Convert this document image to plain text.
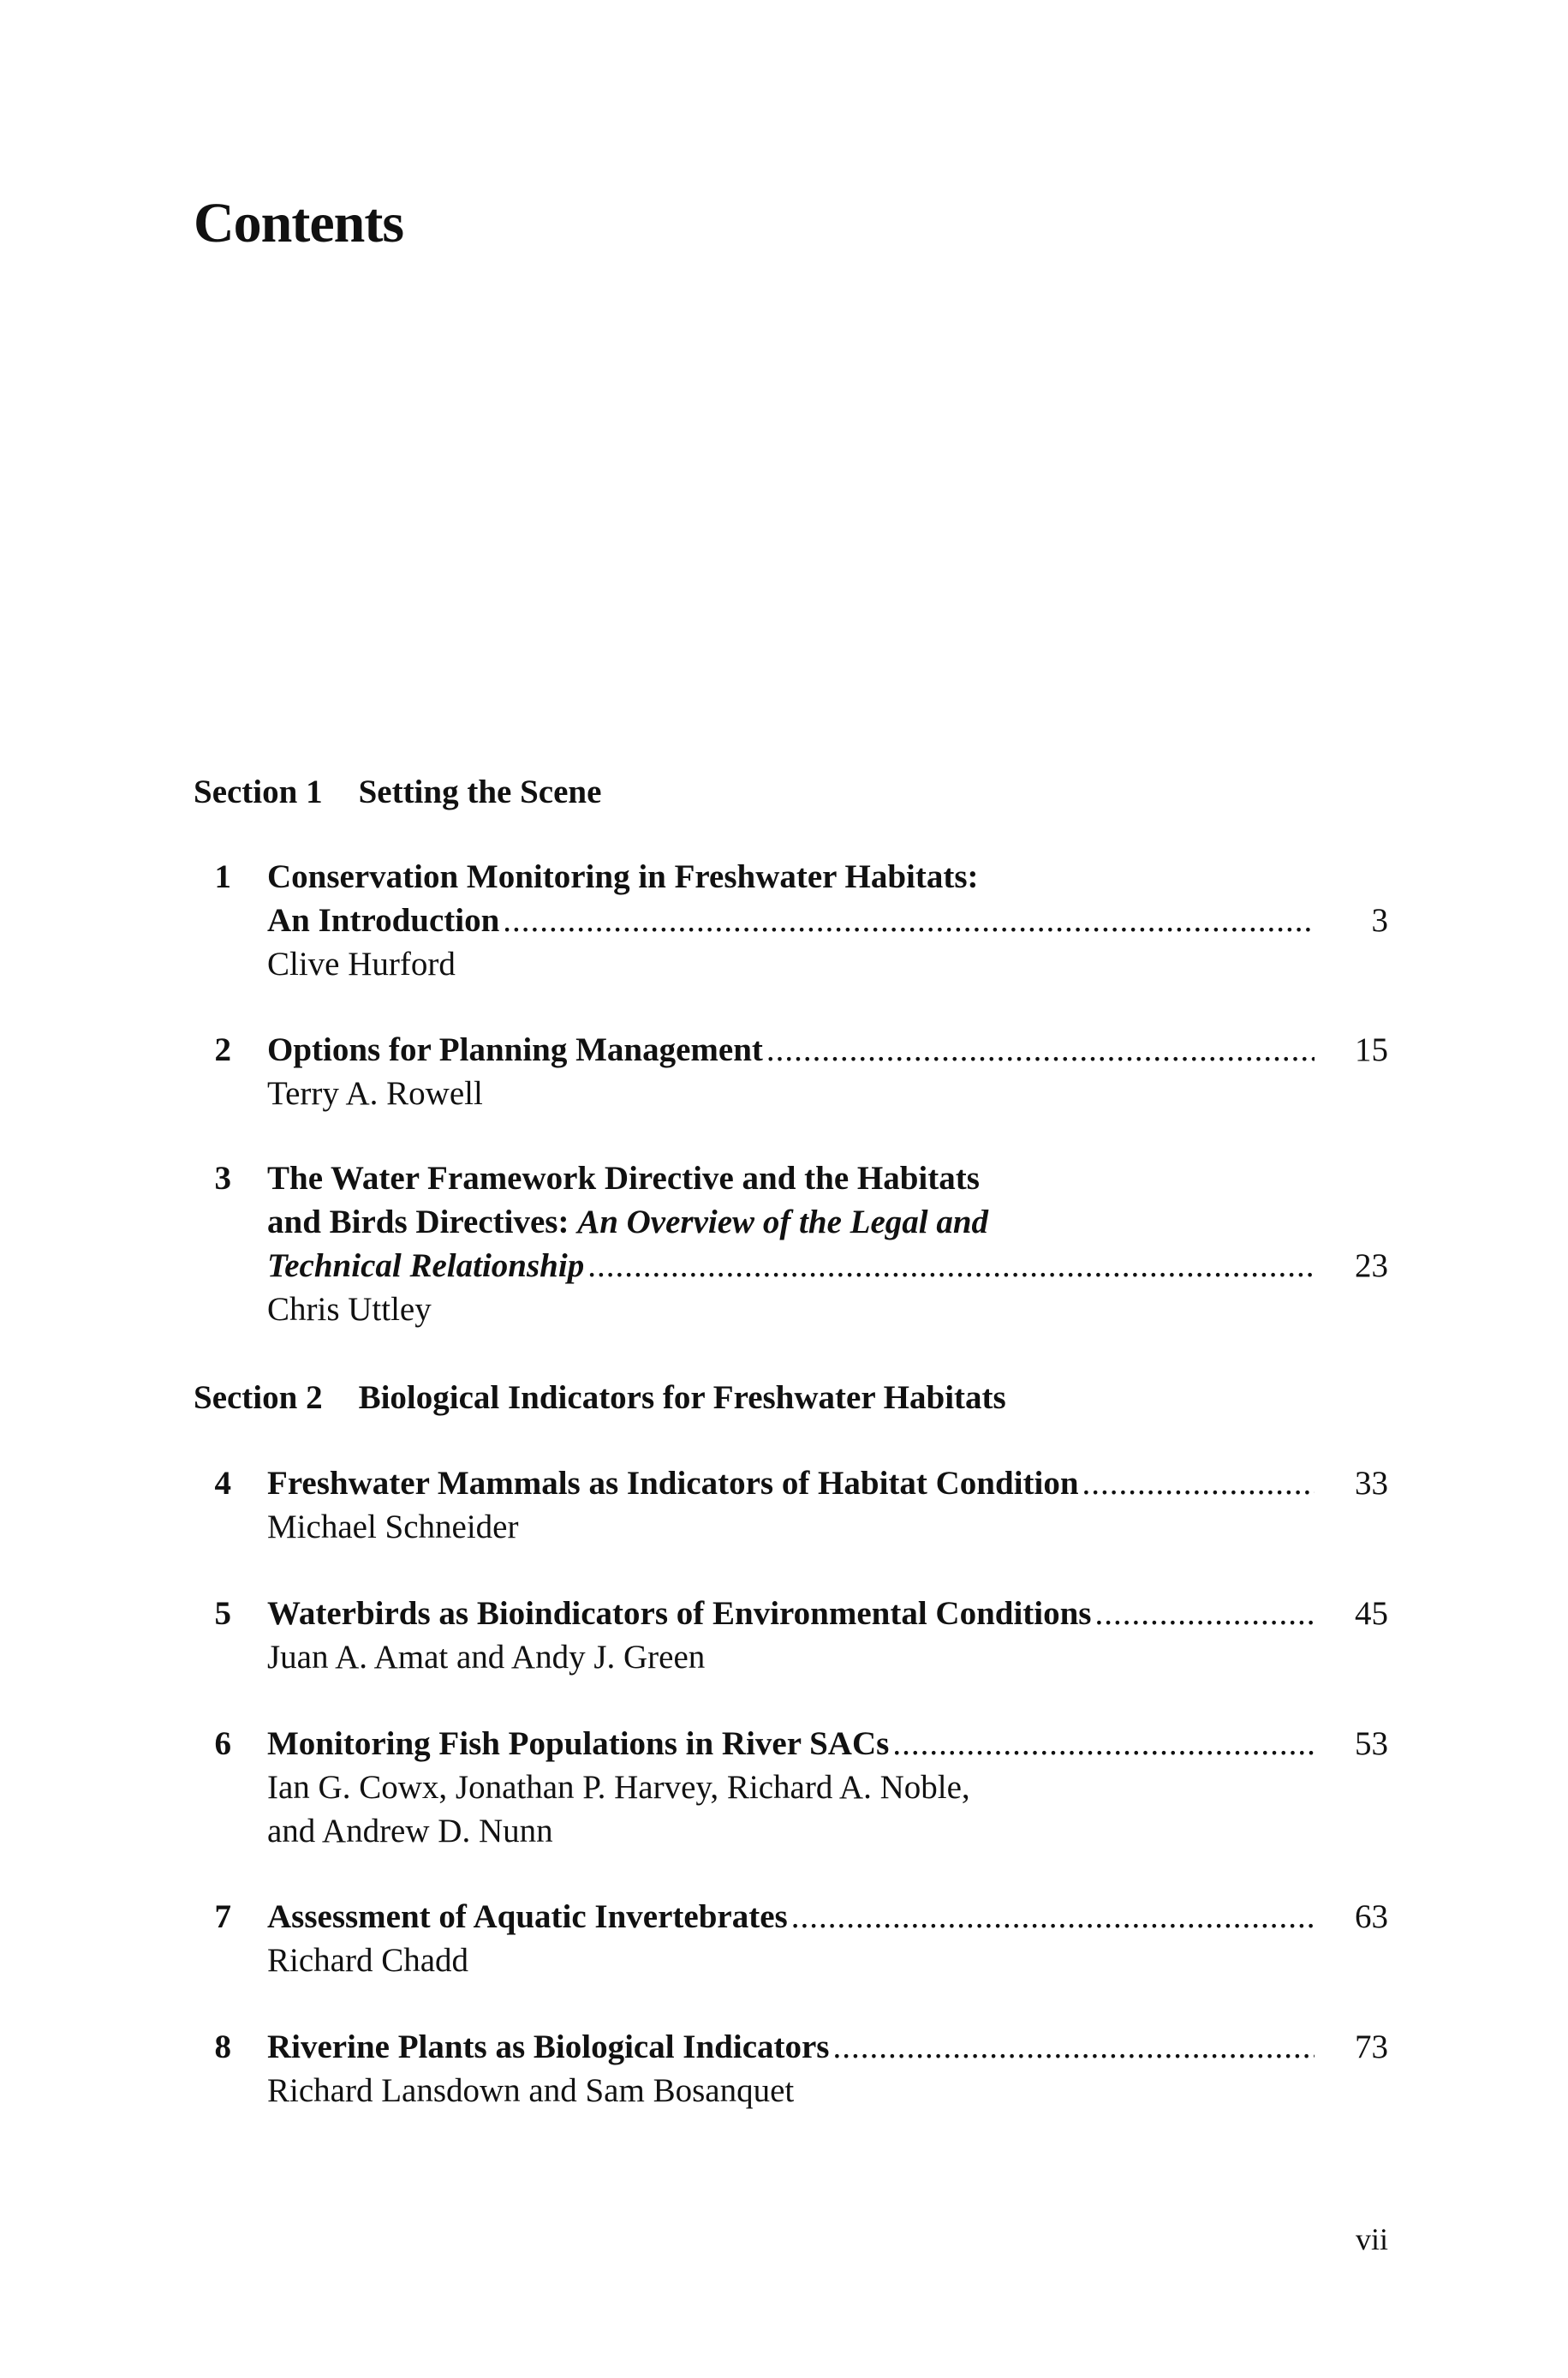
Contents
Section 1 Setting the Scene
1 Conservation Monitoring in Freshwater Habitats:
An Introduction
.....
Clive Hurford
3
2 Options for Planning Management
.....
Terry A. Rowell
15
3 The Water Framework Directive and the Habitats
and Birds Directives: An Overview of the Legal and
Technical Relationship
.....
Chris Uttley
23
Section 2 Biological Indicators for Freshwater Habitats
4 Freshwater Mammals as Indicators of Habitat Condition
.....
Michael Schneider
33
5 Waterbirds as Bioindicators of Environmental Conditions
.....
Juan A. Amat and Andy J. Green
45
6 Monitoring Fish Populations in River SACs
.....
Ian G. Cowx, Jonathan P. Harvey, Richard A. Noble,
and Andrew D. Nunn
53
7 Assessment of Aquatic Invertebrates
.....
Richard Chadd
63
8 Riverine Plants as Biological Indicators
.....
Richard Lansdown and Sam Bosanquet
73
vii
